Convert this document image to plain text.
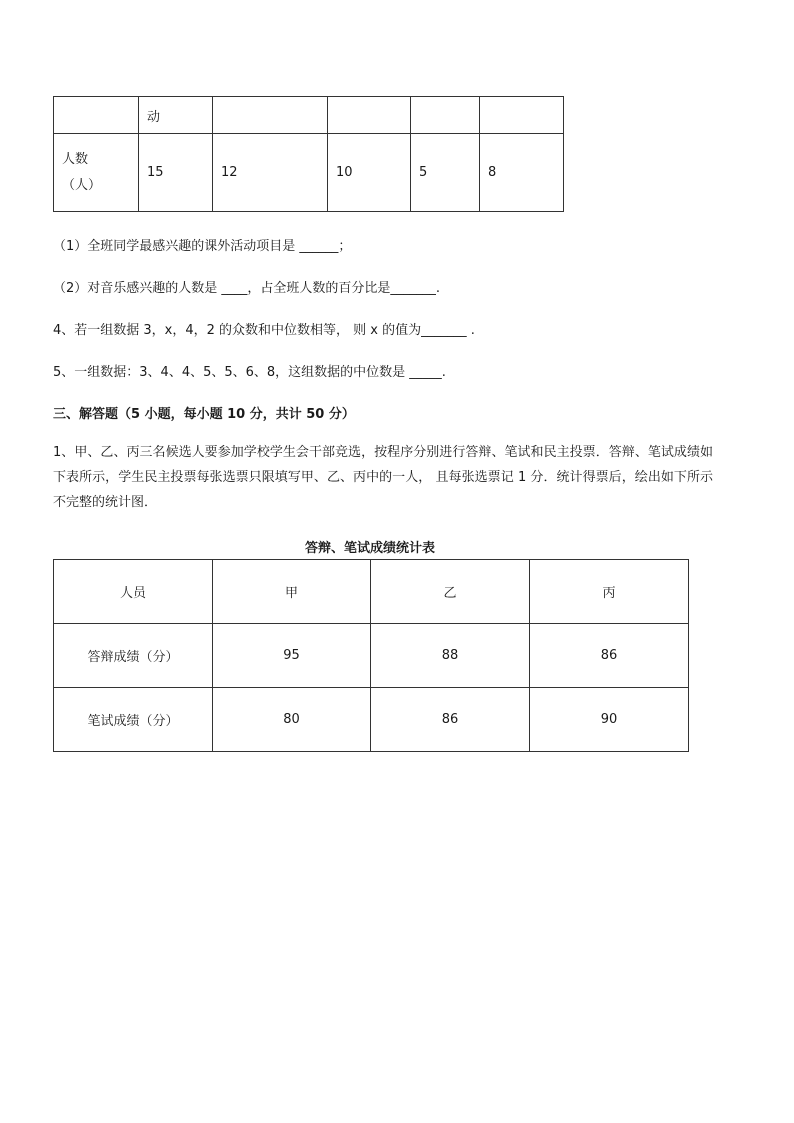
	动				

人数
（人）	15	12	10	5	8
（1）全班同学最感兴趣的课外活动项目是 ______；
（2）对音乐感兴趣的人数是 ____，占全班人数的百分比是_______.
4、若一组数据 3，x，4，2 的众数和中位数相等， 则 x 的值为_______ .
5、一组数据：3、4、4、5、5、6、8，这组数据的中位数是 _____.
三、解答题（5 小题，每小题 10 分，共计 50 分）
1、甲、乙、丙三名候选人要参加学校学生会干部竞选，按程序分别进行答辩、笔试和民主投票．答辩、笔试成绩如下表所示，学生民主投票每张选票只限填写甲、乙、丙中的一人， 且每张选票记 1 分．统计得票后，绘出如下所示不完整的统计图．
答辩、笔试成绩统计表
人员	甲	乙	丙
答辩成绩（分）	95	88	86
笔试成绩（分）	80	86	90
